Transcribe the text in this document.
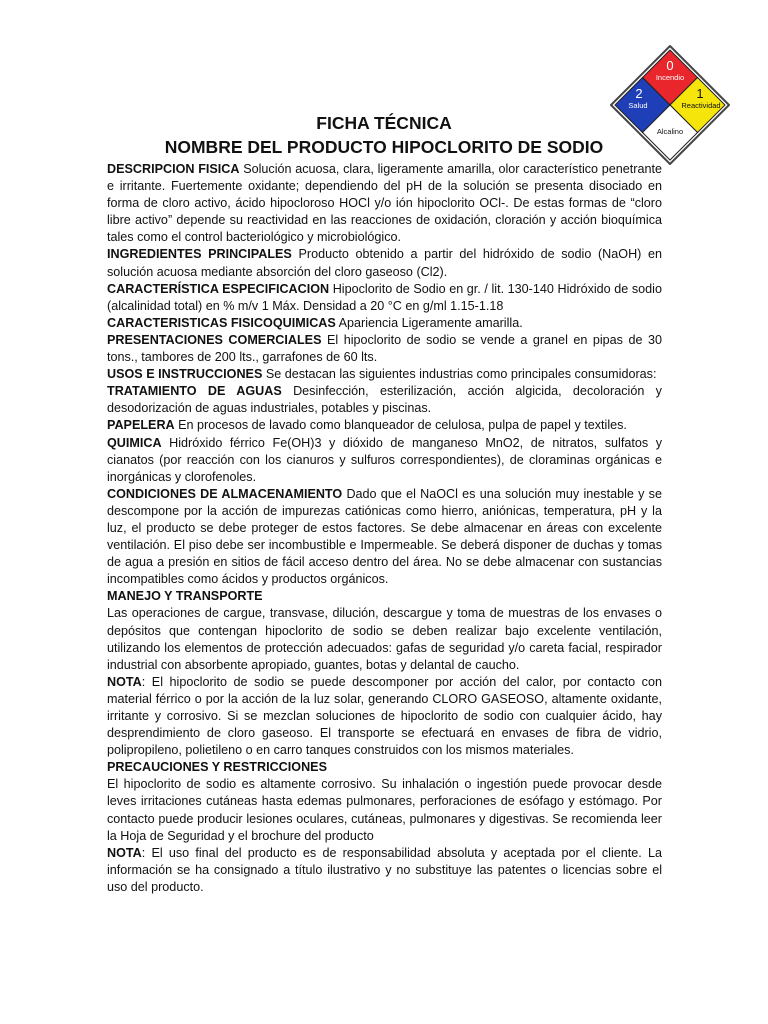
0
Incendio
2
Salud
1
Reactividad
Alcalino
FICHA TÉCNICA
NOMBRE DEL PRODUCTO HIPOCLORITO DE SODIO

DESCRIPCION FISICA Solución acuosa, clara, ligeramente amarilla, olor característico penetrante e irritante. Fuertemente oxidante; dependiendo del pH de la solución se presenta disociado en forma de cloro activo, ácido hipocloroso HOCl y/o ión hipoclorito OCl-. De estas formas de “cloro libre activo” depende su reactividad en las reacciones de oxidación, cloración y acción bioquímica tales como el control bacteriológico y microbiológico.

INGREDIENTES PRINCIPALES Producto obtenido a partir del hidróxido de sodio (NaOH) en solución acuosa mediante absorción del cloro gaseoso (Cl2).

CARACTERÍSTICA ESPECIFICACION Hipoclorito de Sodio en gr. / lit. 130-140 Hidróxido de sodio (alcalinidad total) en % m/v 1 Máx. Densidad a 20 °C en g/ml 1.15-1.18

CARACTERISTICAS FISICOQUIMICAS Apariencia Ligeramente amarilla.

PRESENTACIONES COMERCIALES El hipoclorito de sodio se vende a granel en pipas de 30 tons., tambores de 200 lts., garrafones de 60 lts.

USOS E INSTRUCCIONES Se destacan las siguientes industrias como principales consumidoras:

TRATAMIENTO DE AGUAS Desinfección, esterilización, acción algicida, decoloración y desodorización de aguas industriales, potables y piscinas.

PAPELERA En procesos de lavado como blanqueador de celulosa, pulpa de papel y textiles.

QUIMICA Hidróxido férrico Fe(OH)3 y dióxido de manganeso MnO2, de nitratos, sulfatos y cianatos (por reacción con los cianuros y sulfuros correspondientes), de cloraminas orgánicas e inorgánicas y clorofenoles.

CONDICIONES DE ALMACENAMIENTO Dado que el NaOCl es una solución muy inestable y se descompone por la acción de impurezas catiónicas como hierro, aniónicas, temperatura, pH y la luz, el producto se debe proteger de estos factores. Se debe almacenar en áreas con excelente ventilación. El piso debe ser incombustible e Impermeable. Se deberá disponer de duchas y tomas de agua a presión en sitios de fácil acceso dentro del área. No se debe almacenar con sustancias incompatibles como ácidos y productos orgánicos.

MANEJO Y TRANSPORTE

Las operaciones de cargue, transvase, dilución, descargue y toma de muestras de los envases o depósitos que contengan hipoclorito de sodio se deben realizar bajo excelente ventilación, utilizando los elementos de protección adecuados: gafas de seguridad y/o careta facial, respirador industrial con absorbente apropiado, guantes, botas y delantal de caucho.

NOTA: El hipoclorito de sodio se puede descomponer por acción del calor, por contacto con material férrico o por la acción de la luz solar, generando CLORO GASEOSO, altamente oxidante, irritante y corrosivo. Si se mezclan soluciones de hipoclorito de sodio con cualquier ácido, hay desprendimiento de cloro gaseoso. El transporte se efectuará en envases de fibra de vidrio, polipropileno, polietileno o en carro tanques construidos con los mismos materiales.

PRECAUCIONES Y RESTRICCIONES

El hipoclorito de sodio es altamente corrosivo. Su inhalación o ingestión puede provocar desde leves irritaciones cutáneas hasta edemas pulmonares, perforaciones de esófago y estómago. Por contacto puede producir lesiones oculares, cutáneas, pulmonares y digestivas. Se recomienda leer la Hoja de Seguridad y el brochure del producto

NOTA: El uso final del producto es de responsabilidad absoluta y aceptada por el cliente. La información se ha consignado a título ilustrativo y no substituye las patentes o licencias sobre el uso del producto.
